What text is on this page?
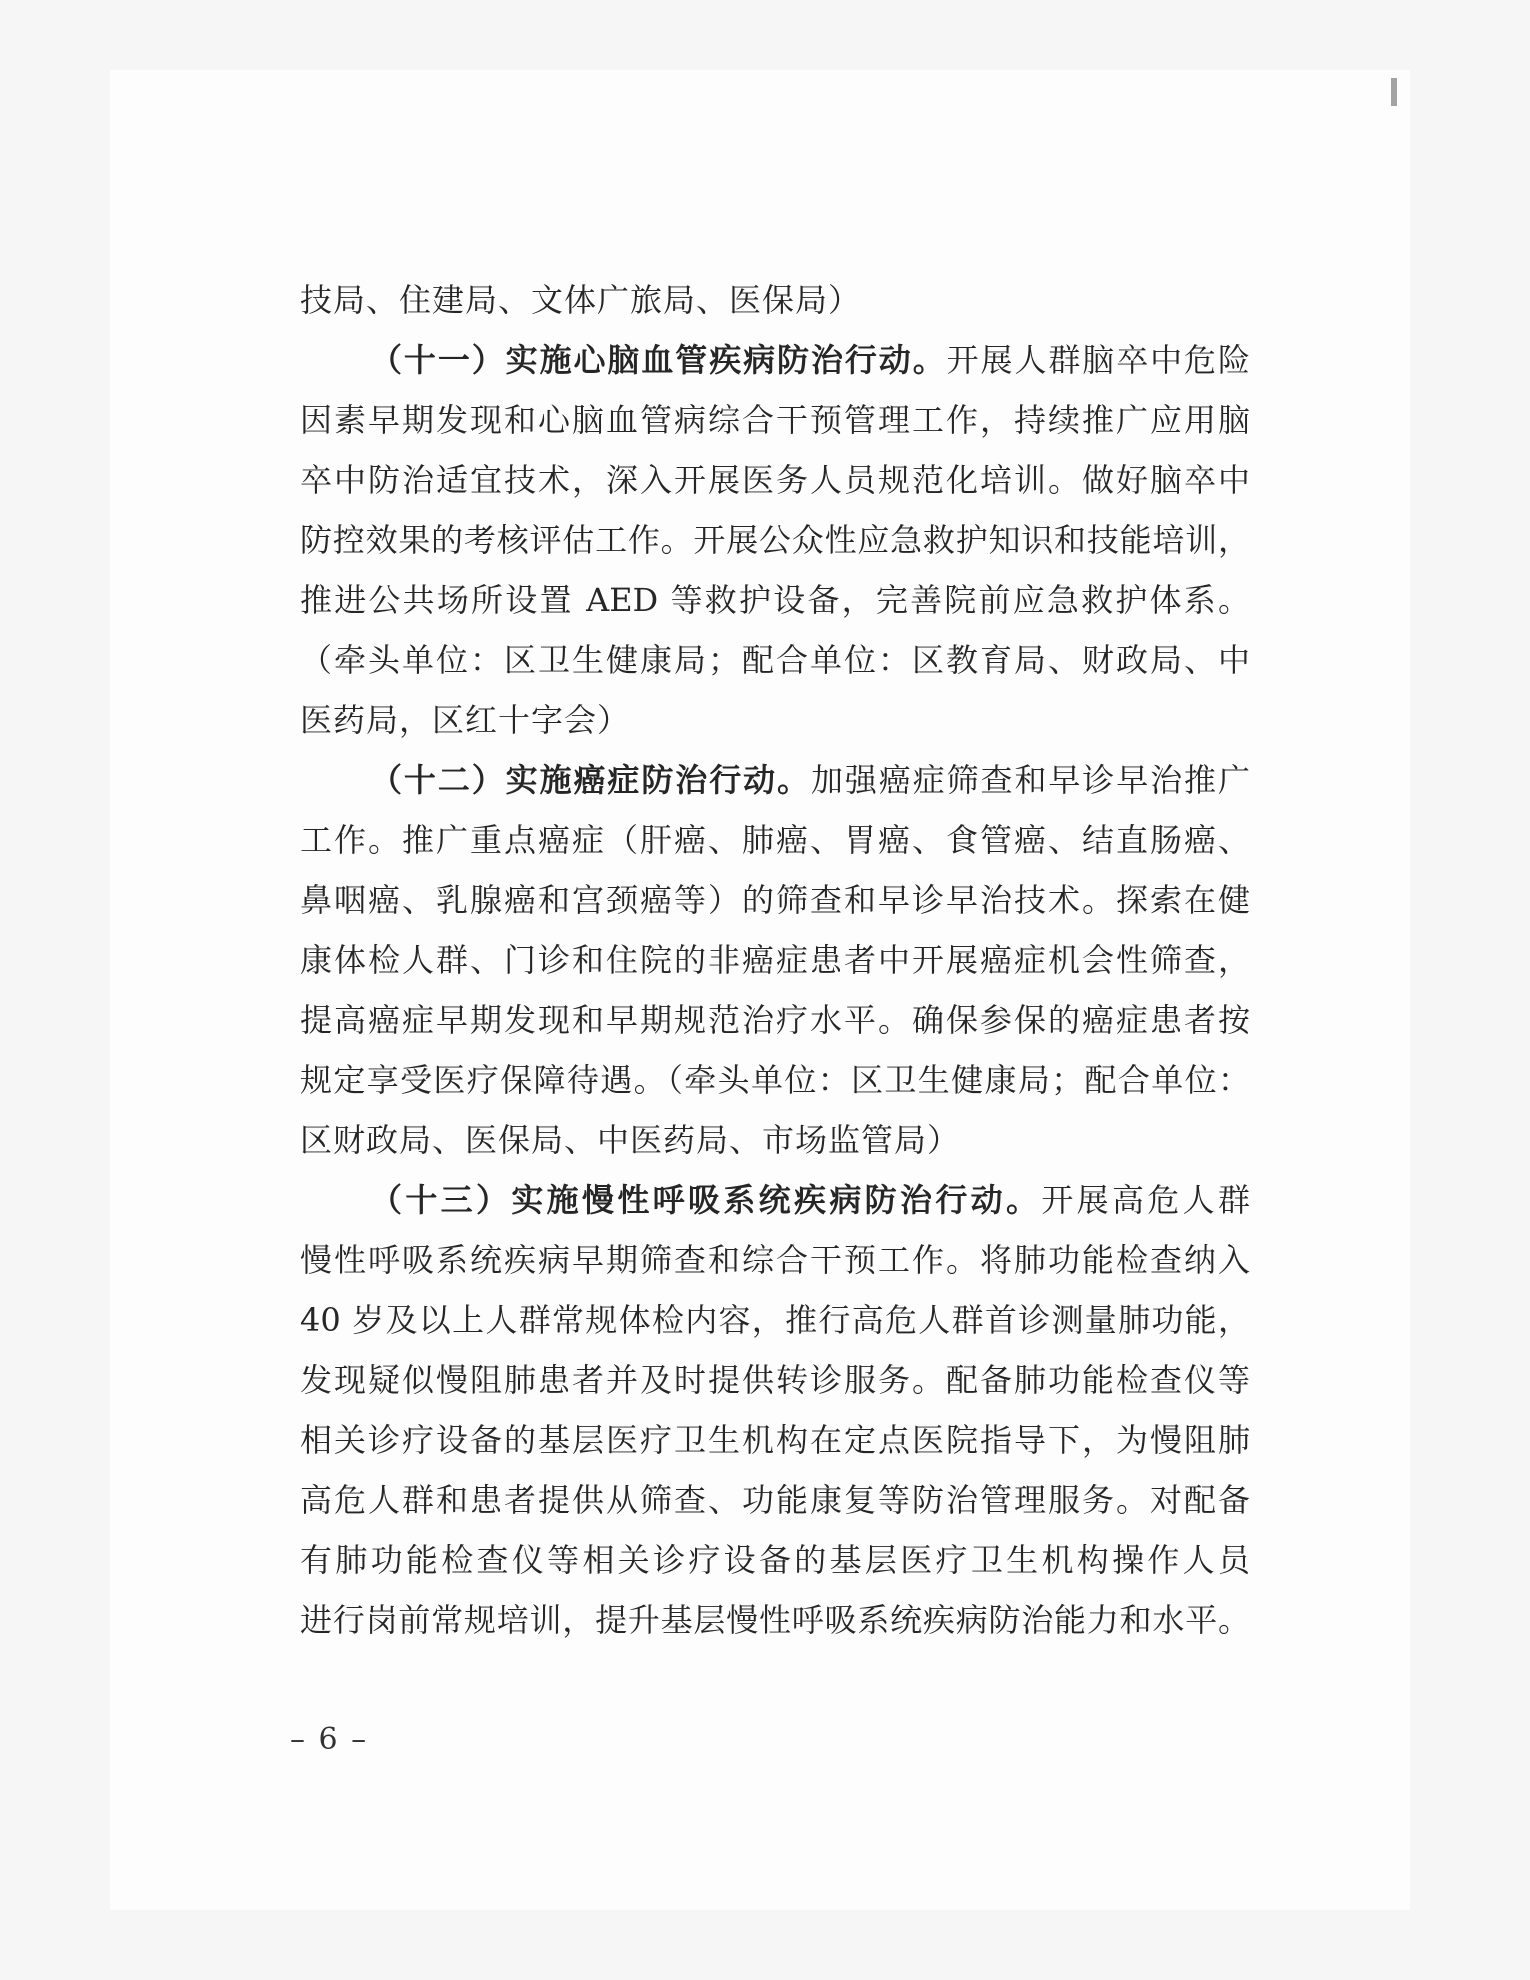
技局、住建局、文体广旅局、医保局）
（十一）实施心脑血管疾病防治行动。开展人群脑卒中危险
因素早期发现和心脑血管病综合干预管理工作，持续推广应用脑
卒中防治适宜技术，深入开展医务人员规范化培训。做好脑卒中
防控效果的考核评估工作。开展公众性应急救护知识和技能培训，
推进公共场所设置 AED 等救护设备，完善院前应急救护体系。
（牵头单位：区卫生健康局；配合单位：区教育局、财政局、中
医药局，区红十字会）
（十二）实施癌症防治行动。加强癌症筛查和早诊早治推广
工作。推广重点癌症（肝癌、肺癌、胃癌、食管癌、结直肠癌、
鼻咽癌、乳腺癌和宫颈癌等）的筛查和早诊早治技术。探索在健
康体检人群、门诊和住院的非癌症患者中开展癌症机会性筛查，
提高癌症早期发现和早期规范治疗水平。确保参保的癌症患者按
规定享受医疗保障待遇。（牵头单位：区卫生健康局；配合单位：
区财政局、医保局、中医药局、市场监管局）
（十三）实施慢性呼吸系统疾病防治行动。开展高危人群
慢性呼吸系统疾病早期筛查和综合干预工作。将肺功能检查纳入
40 岁及以上人群常规体检内容，推行高危人群首诊测量肺功能，
发现疑似慢阻肺患者并及时提供转诊服务。配备肺功能检查仪等
相关诊疗设备的基层医疗卫生机构在定点医院指导下，为慢阻肺
高危人群和患者提供从筛查、功能康复等防治管理服务。对配备
有肺功能检查仪等相关诊疗设备的基层医疗卫生机构操作人员
进行岗前常规培训，提升基层慢性呼吸系统疾病防治能力和水平。
– 6 –
